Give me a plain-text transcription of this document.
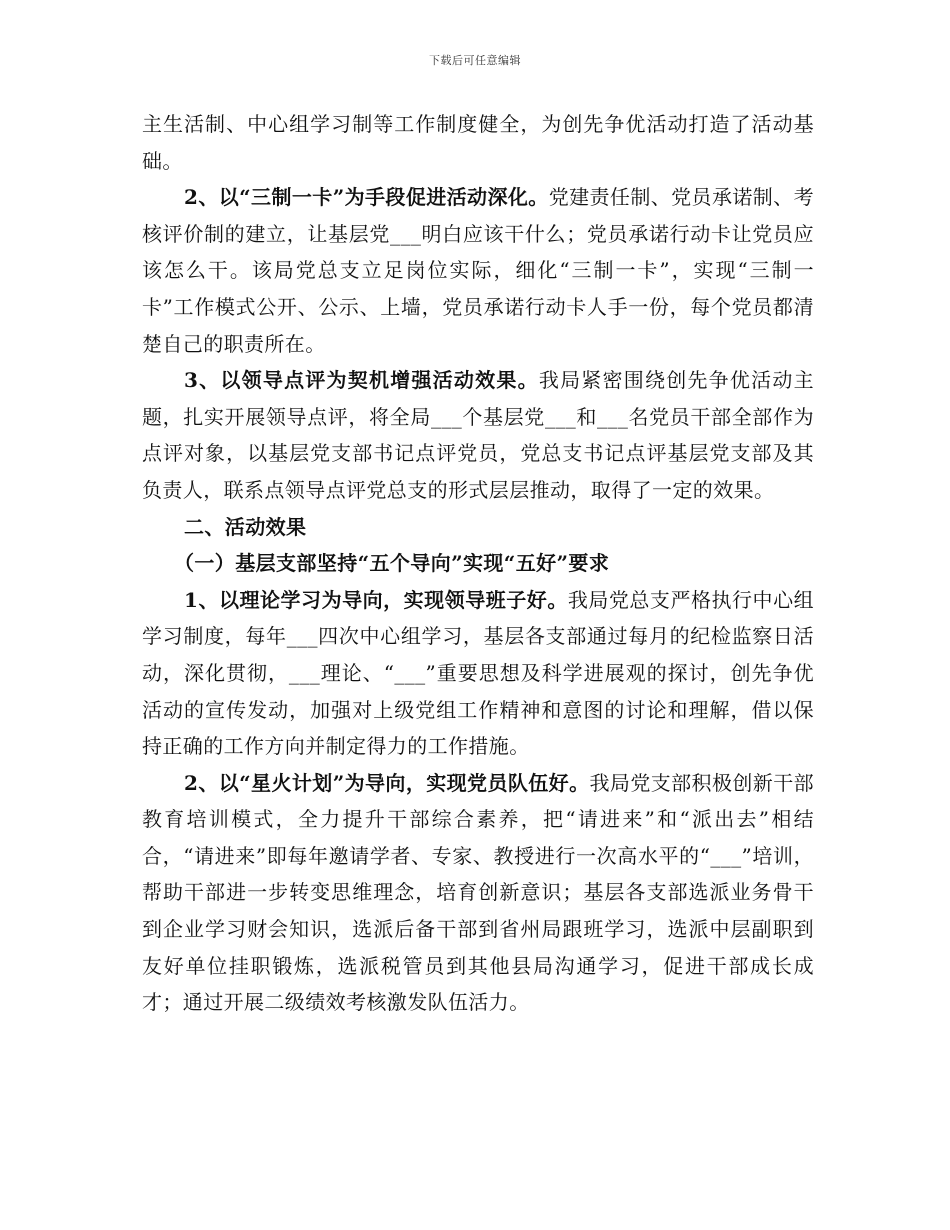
下载后可任意编辑

主生活制、中心组学习制等工作制度健全，为创先争优活动打造了活动基础。

2、以“三制一卡”为手段促进活动深化。党建责任制、党员承诺制、考核评价制的建立，让基层党___明白应该干什么；党员承诺行动卡让党员应该怎么干。该局党总支立足岗位实际，细化“三制一卡”，实现“三制一卡”工作模式公开、公示、上墙，党员承诺行动卡人手一份，每个党员都清楚自己的职责所在。

3、以领导点评为契机增强活动效果。我局紧密围绕创先争优活动主题，扎实开展领导点评，将全局___个基层党___和___名党员干部全部作为点评对象，以基层党支部书记点评党员，党总支书记点评基层党支部及其负责人，联系点领导点评党总支的形式层层推动，取得了一定的效果。

二、活动效果

（一）基层支部坚持“五个导向”实现“五好”要求

1、以理论学习为导向，实现领导班子好。我局党总支严格执行中心组学习制度，每年___四次中心组学习，基层各支部通过每月的纪检监察日活动，深化贯彻，___理论、“___”重要思想及科学进展观的探讨，创先争优活动的宣传发动，加强对上级党组工作精神和意图的讨论和理解，借以保持正确的工作方向并制定得力的工作措施。

2、以“星火计划”为导向，实现党员队伍好。我局党支部积极创新干部教育培训模式，全力提升干部综合素养，把“请进来”和“派出去”相结合，“请进来”即每年邀请学者、专家、教授进行一次高水平的“___”培训，帮助干部进一步转变思维理念，培育创新意识；基层各支部选派业务骨干到企业学习财会知识，选派后备干部到省州局跟班学习，选派中层副职到友好单位挂职锻炼，选派税管员到其他县局沟通学习，促进干部成长成才；通过开展二级绩效考核激发队伍活力。
